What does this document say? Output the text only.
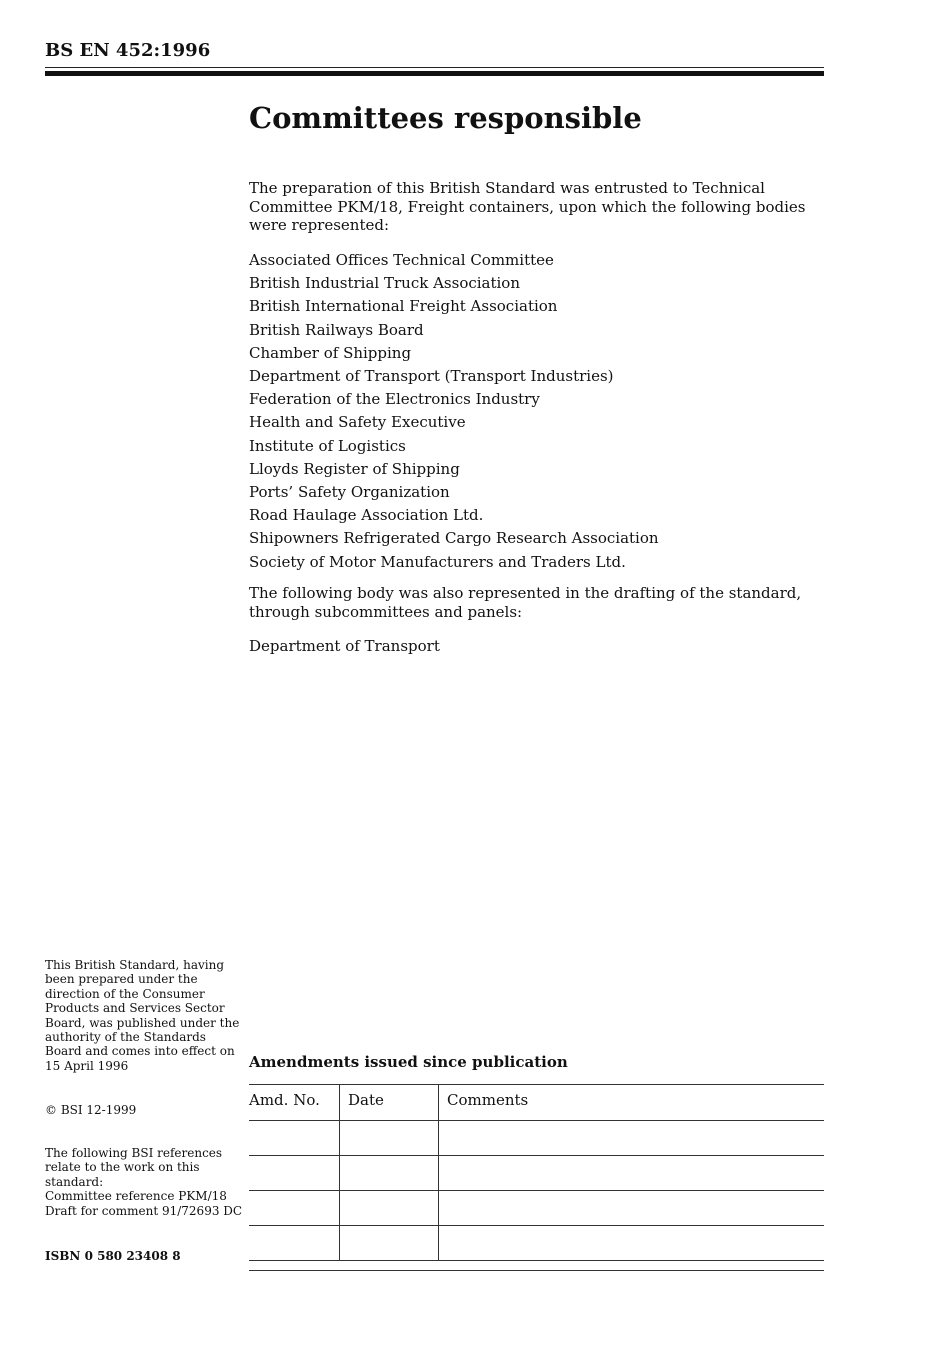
BS EN 452:1996
Committees responsible

The preparation of this British Standard was entrusted to Technical Committee PKM/18, Freight containers, upon which the following bodies were represented:

Associated Offices Technical Committee
British Industrial Truck Association
British International Freight Association
British Railways Board
Chamber of Shipping
Department of Transport (Transport Industries)
Federation of the Electronics Industry
Health and Safety Executive
Institute of Logistics
Lloyds Register of Shipping
Ports’ Safety Organization
Road Haulage Association Ltd.
Shipowners Refrigerated Cargo Research Association
Society of Motor Manufacturers and Traders Ltd.

The following body was also represented in the drafting of the standard, through subcommittees and panels:

Department of Transport

This British Standard, having been prepared under the direction of the Consumer Products and Services Sector Board, was published under the authority of the Standards Board and comes into effect on 15 April 1996

© BSI 12-1999

The following BSI references relate to the work on this standard:
Committee reference PKM/18
Draft for comment 91/72693 DC

ISBN 0 580 23408 8
Amendments issued since publication
Amd. No.	Date	Comments
